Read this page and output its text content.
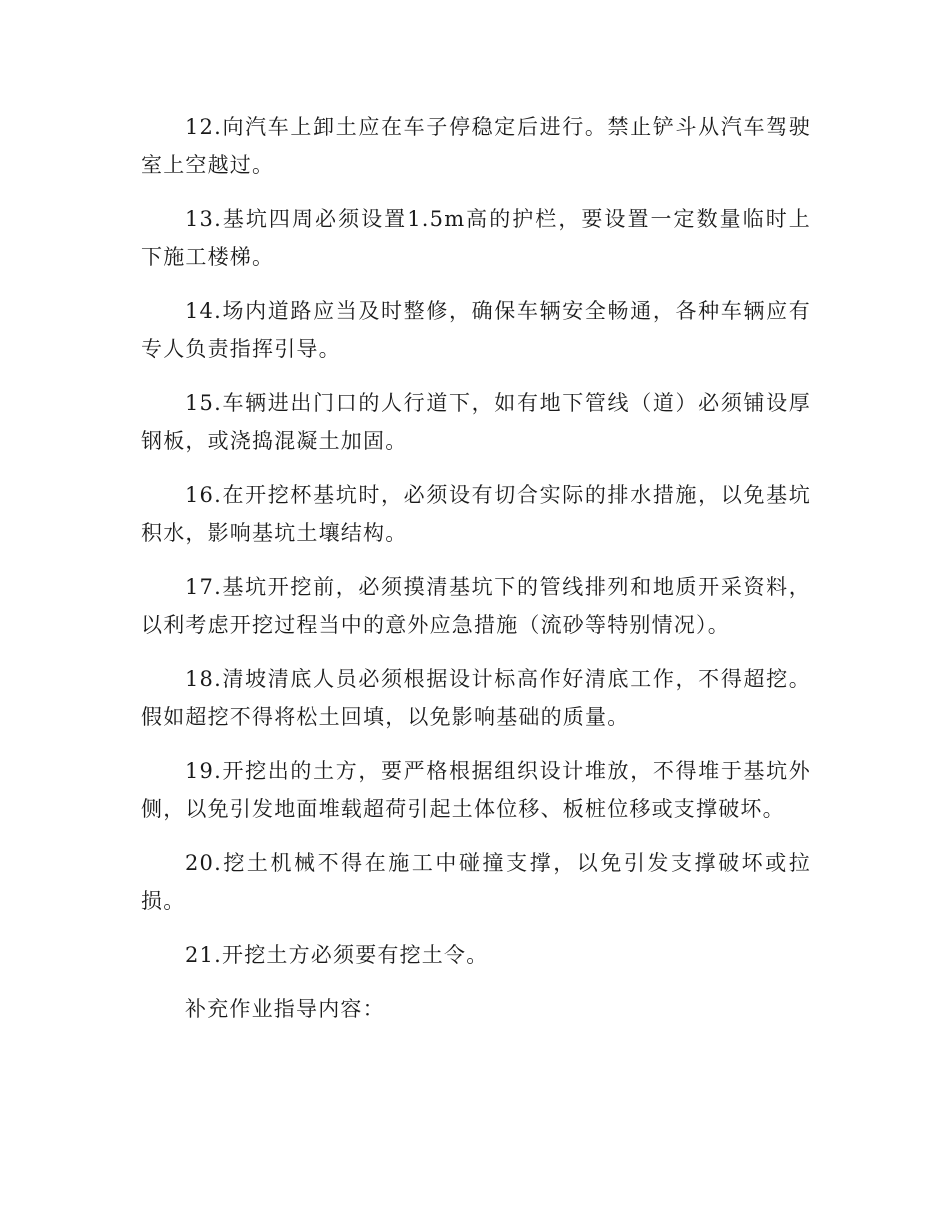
12.向汽车上卸土应在车子停稳定后进行。禁止铲斗从汽车驾驶室上空越过。

13.基坑四周必须设置1.5m高的护栏，要设置一定数量临时上下施工楼梯。

14.场内道路应当及时整修，确保车辆安全畅通，各种车辆应有专人负责指挥引导。

15.车辆进出门口的人行道下，如有地下管线（道）必须铺设厚钢板，或浇捣混凝土加固。

16.在开挖杯基坑时，必须设有切合实际的排水措施，以免基坑积水，影响基坑土壤结构。

17.基坑开挖前，必须摸清基坑下的管线排列和地质开采资料，以利考虑开挖过程当中的意外应急措施（流砂等特别情况）。

18.清坡清底人员必须根据设计标高作好清底工作，不得超挖。假如超挖不得将松土回填，以免影响基础的质量。

19.开挖出的土方，要严格根据组织设计堆放，不得堆于基坑外侧，以免引发地面堆载超荷引起土体位移、板桩位移或支撑破坏。

20.挖土机械不得在施工中碰撞支撑，以免引发支撑破坏或拉损。

21.开挖土方必须要有挖土令。

补充作业指导内容：
